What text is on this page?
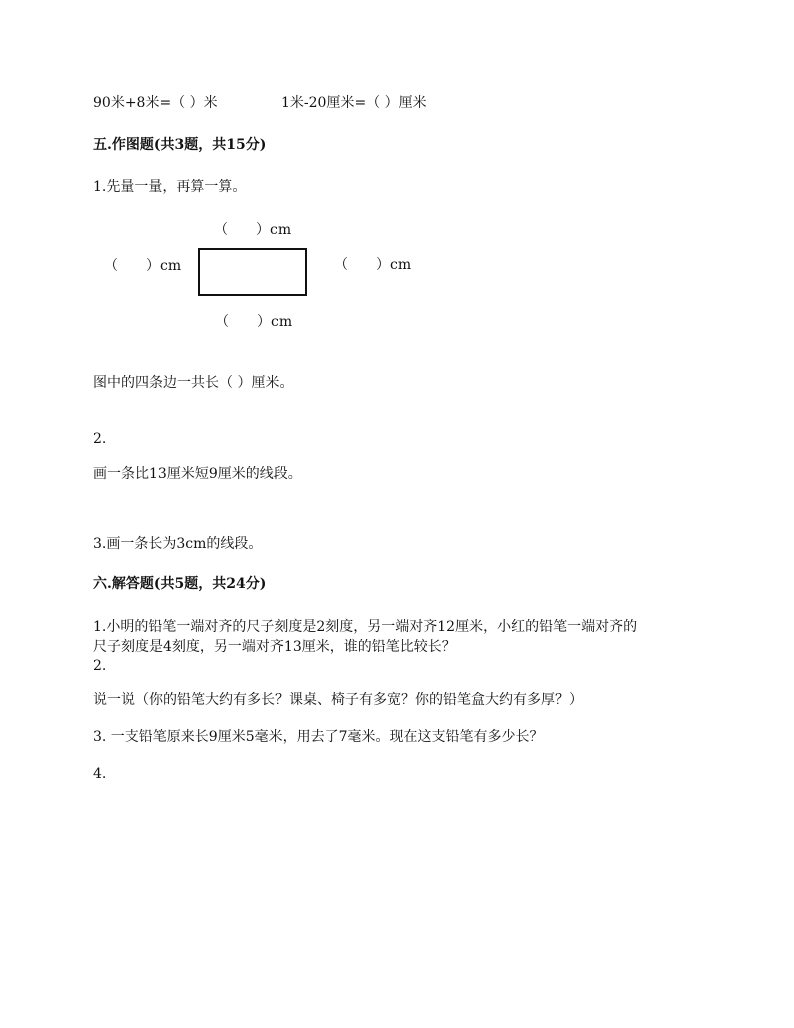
90米+8米=（ ）米	1米-20厘米=（ ）厘米
五.作图题(共3题，共15分)
1.先量一量，再算一算。
（　　）cm
（　　）cm	（　　）cm
（　　）cm
图中的四条边一共长（ ）厘米。
2.
画一条比13厘米短9厘米的线段。
3.画一条长为3cm的线段。
六.解答题(共5题，共24分)
1.小明的铅笔一端对齐的尺子刻度是2刻度，另一端对齐12厘米，小红的铅笔一端对齐的
尺子刻度是4刻度，另一端对齐13厘米，谁的铅笔比较长？
2.
说一说（你的铅笔大约有多长？课桌、椅子有多宽？你的铅笔盒大约有多厚？）
3. 一支铅笔原来长9厘米5毫米，用去了7毫米。现在这支铅笔有多少长？
4.
